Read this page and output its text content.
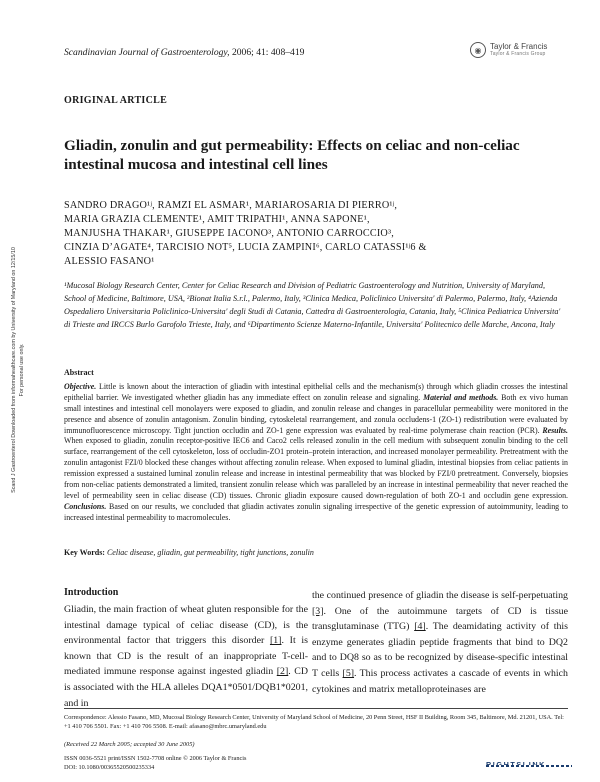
Scandinavian Journal of Gastroenterology, 2006; 41: 408–419	◉	Taylor & Francis
Taylor & Francis Group
ORIGINAL ARTICLE
Gliadin, zonulin and gut permeability: Effects on celiac and non-celiac intestinal mucosa and intestinal cell lines
SANDRO DRAGO¹ʲ, RAMZI EL ASMAR¹, MARIAROSARIA DI PIERRO¹ʲ,
MARIA GRAZIA CLEMENTE¹, AMIT TRIPATHI¹, ANNA SAPONE¹,
MANJUSHA THAKAR¹, GIUSEPPE IACONO³, ANTONIO CARROCCIO³,
CINZIA D’AGATE⁴, TARCISIO NOT⁵, LUCIA ZAMPINI⁶, CARLO CATASSI¹ʲ6 &
ALESSIO FASANO¹
¹Mucosal Biology Research Center, Center for Celiac Research and Division of Pediatric Gastroenterology and Nutrition, University of Maryland, School of Medicine, Baltimore, USA, ²Bionat Italia S.r.l., Palermo, Italy, ³Clinica Medica, Policlinico Universita' di Palermo, Palermo, Italy, ⁴Azienda Ospedaliero Universitaria Policlinico-Universita' degli Studi di Catania, Cattedra di Gastroenterologia, Catania, Italy, ⁵Clinica Pediatrica Universita' di Trieste and IRCCS Burlo Garofolo Trieste, Italy, and ⁶Dipartimento Scienze Materno-Infantile, Universita' Politecnico delle Marche, Ancona, Italy
Abstract
Objective. Little is known about the interaction of gliadin with intestinal epithelial cells and the mechanism(s) through which gliadin crosses the intestinal epithelial barrier. We investigated whether gliadin has any immediate effect on zonulin release and signaling. Material and methods. Both ex vivo human small intestines and intestinal cell monolayers were exposed to gliadin, and zonulin release and changes in paracellular permeability were monitored in the presence and absence of zonulin antagonism. Zonulin binding, cytoskeletal rearrangement, and zonula occludens-1 (ZO-1) redistribution were evaluated by immunofluorescence microscopy. Tight junction occludin and ZO-1 gene expression was evaluated by real-time polymerase chain reaction (PCR). Results. When exposed to gliadin, zonulin receptor-positive IEC6 and Caco2 cells released zonulin in the cell medium with subsequent zonulin binding to the cell surface, rearrangement of the cell cytoskeleton, loss of occludin-ZO1 protein–protein interaction, and increased monolayer permeability. Pretreatment with the zonulin antagonist FZI/0 blocked these changes without affecting zonulin release. When exposed to luminal gliadin, intestinal biopsies from celiac patients in remission expressed a sustained luminal zonulin release and increase in intestinal permeability that was blocked by FZI/0 pretreatment. Conversely, biopsies from non-celiac patients demonstrated a limited, transient zonulin release which was paralleled by an increase in intestinal permeability that never reached the level of permeability seen in celiac disease (CD) tissues. Chronic gliadin exposure caused down-regulation of both ZO-1 and occludin gene expression. Conclusions. Based on our results, we concluded that gliadin activates zonulin signaling irrespective of the genetic expression of autoimmunity, leading to increased intestinal permeability to macromolecules.
Key Words: Celiac disease, gliadin, gut permeability, tight junctions, zonulin
Introduction
Gliadin, the main fraction of wheat gluten responsible for the intestinal damage typical of celiac disease (CD), is the environmental factor that triggers this disorder [1]. It is known that CD is the result of an inappropriate T-cell-mediated immune response against ingested gliadin [2]. CD is associated with the HLA alleles DQA1*0501/DQB1*0201, and in
the continued presence of gliadin the disease is self-perpetuating [3]. One of the autoimmune targets of CD is tissue transglutaminase (TTG) [4]. The deamidating activity of this enzyme generates gliadin peptide fragments that bind to DQ2 and to DQ8 so as to be recognized by disease-specific intestinal T cells [5]. This process activates a cascade of events in which cytokines and matrix metalloproteinases are
Correspondence: Alessio Fasano, MD, Mucosal Biology Research Center, University of Maryland School of Medicine, 20 Penn Street, HSF II Building, Room 345, Baltimore, Md. 21201, USA. Tel: +1 410 706 5501. Fax: +1 410 706 5508. E-mail: afasano@mbrc.umaryland.edu
(Received 22 March 2005; accepted 30 June 2005)
ISSN 0036-5521 print/ISSN 1502-7708 online © 2006 Taylor & Francis
DOI: 10.1080/00365520500235334
Scand J Gastroenterol Downloaded from informahealthcare.com by University of Maryland on 12/15/10 For personal use only.
